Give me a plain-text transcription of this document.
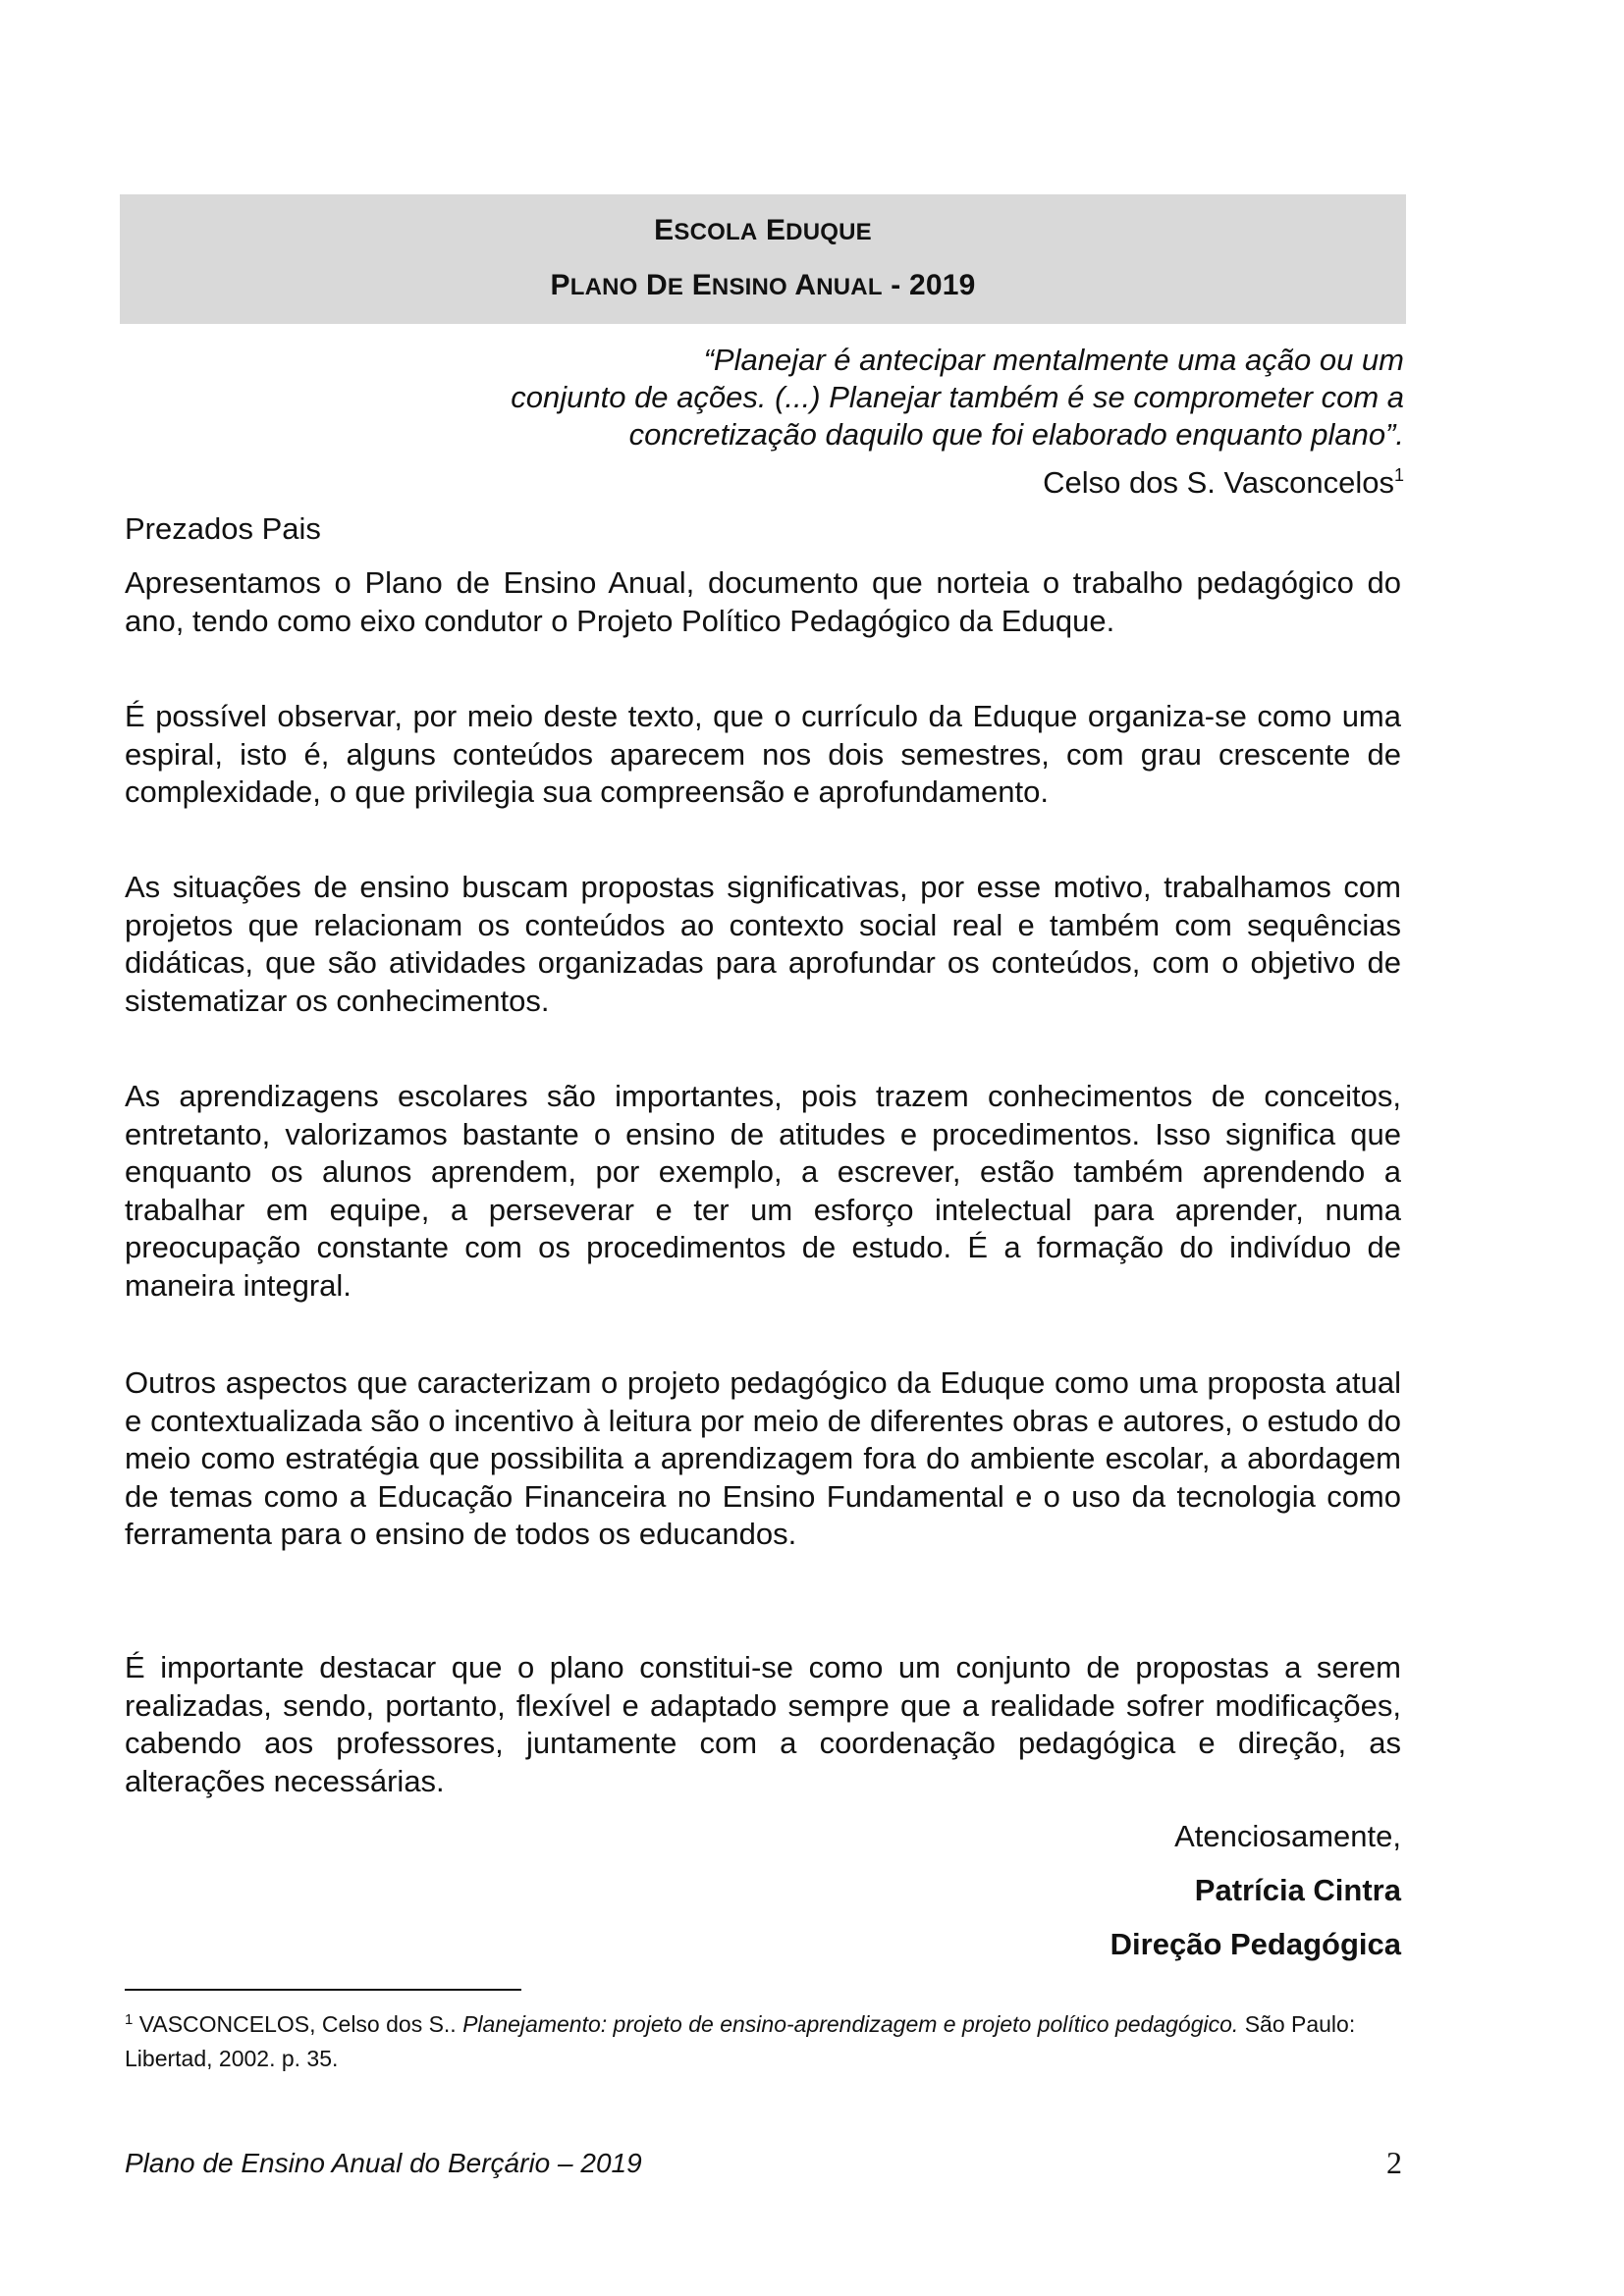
ESCOLA EDUQUE
PLANO DE ENSINO ANUAL - 2019
“Planejar é antecipar mentalmente uma ação ou um
conjunto de ações. (...) Planejar também é se comprometer com a
concretização daquilo que foi elaborado enquanto plano”.
Celso dos S. Vasconcelos$^1$
Prezados Pais
Apresentamos o Plano de Ensino Anual, documento que norteia o trabalho pedagógico do ano, tendo como eixo condutor o Projeto Político Pedagógico da Eduque.
É possível observar, por meio deste texto, que o currículo da Eduque organiza-se como uma espiral, isto é, alguns conteúdos aparecem nos dois semestres, com grau crescente de complexidade, o que privilegia sua compreensão e aprofundamento.
As situações de ensino buscam propostas significativas, por esse motivo, trabalhamos com projetos que relacionam os conteúdos ao contexto social real e também com sequências didáticas, que são atividades organizadas para aprofundar os conteúdos, com o objetivo de sistematizar os conhecimentos.
As aprendizagens escolares são importantes, pois trazem conhecimentos de conceitos, entretanto, valorizamos bastante o ensino de atitudes e procedimentos. Isso significa que enquanto os alunos aprendem, por exemplo, a escrever, estão também aprendendo a trabalhar em equipe, a perseverar e ter um esforço intelectual para aprender, numa preocupação constante com os procedimentos de estudo. É a formação do indivíduo de maneira integral.
Outros aspectos que caracterizam o projeto pedagógico da Eduque como uma proposta atual e contextualizada são o incentivo à leitura por meio de diferentes obras e autores, o estudo do meio como estratégia que possibilita a aprendizagem fora do ambiente escolar, a abordagem de temas como a Educação Financeira no Ensino Fundamental e o uso da tecnologia como ferramenta para o ensino de todos os educandos.
É importante destacar que o plano constitui-se como um conjunto de propostas a serem realizadas, sendo, portanto, flexível e adaptado sempre que a realidade sofrer modificações, cabendo aos professores, juntamente com a coordenação pedagógica e direção, as alterações necessárias.
Atenciosamente,
Patrícia Cintra
Direção Pedagógica
$^1$ VASCONCELOS, Celso dos S.. Planejamento: projeto de ensino-aprendizagem e projeto político pedagógico. São Paulo: Libertad, 2002. p. 35.
Plano de Ensino Anual do Berçário – 2019	2
